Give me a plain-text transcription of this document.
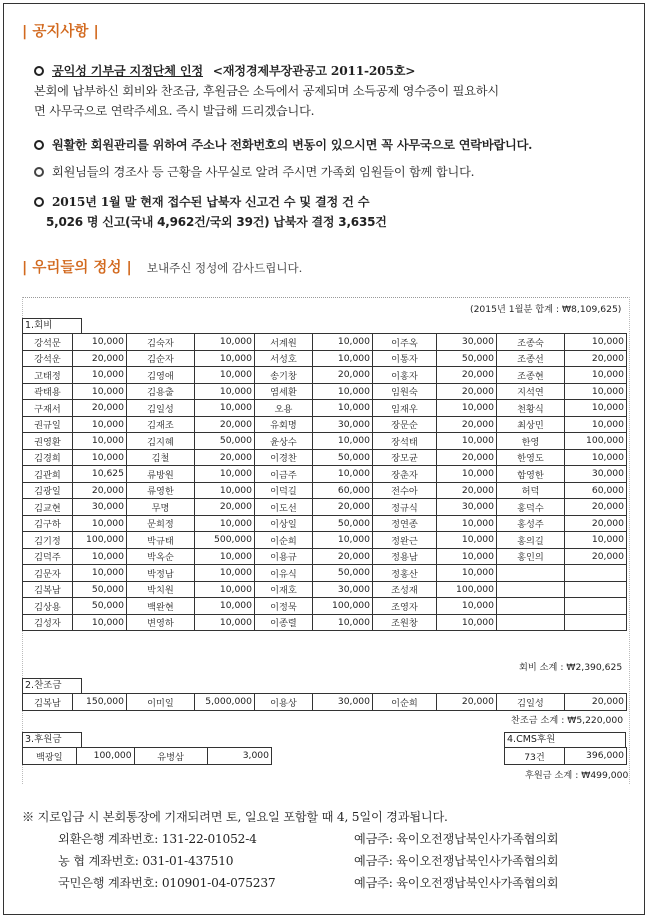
| 공지사항 |
공익성 기부금 지정단체 인정 <재정경제부장관공고 2011-205호>
본회에 납부하신 회비와 찬조금, 후원금은 소득에서 공제되며 소득공제 영수증이 필요하시
면 사무국으로 연락주세요. 즉시 발급해 드리겠습니다.
원활한 회원관리를 위하여 주소나 전화번호의 변동이 있으시면 꼭 사무국으로 연락바랍니다.
회원님들의 경조사 등 근황을 사무실로 알려 주시면 가족회 임원들이 함께 합니다.
2015년 1월 말 현재 접수된 납북자 신고건 수 및 결정 건 수
5,026 명 신고(국내 4,962건/국외 39건) 납북자 결정 3,635건
| 우리들의 정성 | 보내주신 정성에 감사드립니다.
(2015년 1월분 합계 : ₩8,109,625)
1.회비
강석문	10,000	김숙자	10,000	서계원	10,000	이주옥	30,000	조종숙	10,000
강석운	20,000	김순자	10,000	서성호	10,000	이통자	50,000	조종선	20,000
고태정	10,000	김영애	10,000	송기창	20,000	이홍자	20,000	조종현	10,000
곽태용	10,000	김용출	10,000	염세환	10,000	임원숙	20,000	지석연	10,000
구재서	20,000	김일성	10,000	오용	10,000	임재우	10,000	천황식	10,000
권규일	10,000	김재조	20,000	유회명	30,000	장문순	20,000	최상민	10,000
권영환	10,000	김지혜	50,000	윤상수	10,000	장석태	10,000	한영	100,000
김경희	10,000	김철	20,000	이경찬	50,000	장모균	20,000	한영도	10,000
김관희	10,625	류방원	10,000	이금주	10,000	장춘자	10,000	함영한	30,000
김광일	20,000	류영한	10,000	이덕길	60,000	전수아	20,000	허덕	60,000
김교현	30,000	무명	20,000	이도선	20,000	정규식	30,000	홍덕수	20,000
김구하	10,000	문희정	10,000	이상일	50,000	정연종	10,000	홍성주	20,000
김기정	100,000	박규태	500,000	이순희	10,000	정완근	10,000	홍의길	10,000
김덕주	10,000	박옥순	10,000	이용규	20,000	정용남	10,000	홍인의	20,000
김문자	10,000	박정남	10,000	이유식	50,000	정홍산	10,000		
김복남	50,000	박치원	10,000	이재호	30,000	조성재	100,000		
김상용	50,000	백완현	10,000	이정묵	100,000	조영자	10,000		
김성자	10,000	변영하	10,000	이종렬	10,000	조원창	10,000		
회비 소계 : ₩2,390,625
2.찬조금
김복남	150,000	이미일	5,000,000	이용상	30,000	이순희	20,000	김일성	20,000
찬조금 소계 : ₩5,220,000
3.후원금
백광일	100,000	유병삼	3,000
4.CMS후원
73건	396,000
후원금 소계 : ₩499,000
※ 지로입금 시 본회통장에 기재되려면 토, 일요일 포함할 때 4, 5일이 경과됩니다.
외환은행 계좌번호: 131-22-01052-4	예금주: 육이오전쟁납북인사가족협의회
농 협 계좌번호: 031-01-437510	예금주: 육이오전쟁납북인사가족협의회
국민은행 계좌번호: 010901-04-075237	예금주: 육이오전쟁납북인사가족협의회
